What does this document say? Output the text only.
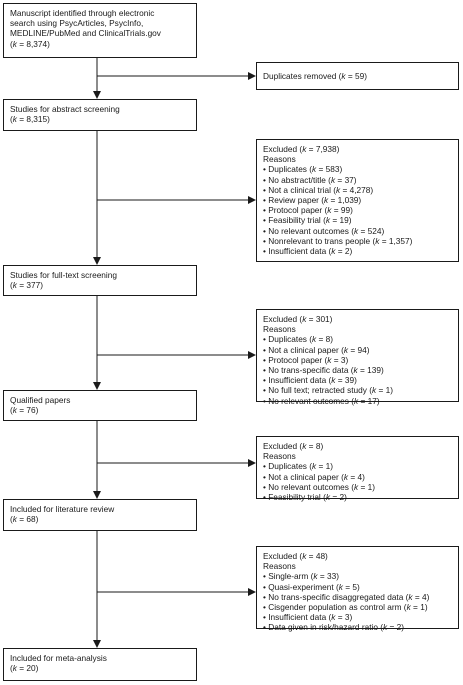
Manuscript identified through electronic
search using PsycArticles, PsycInfo,
MEDLINE/PubMed and ClinicalTrials.gov
(k = 8,374)
Studies for abstract screening
(k = 8,315)
Studies for full-text screening
(k = 377)
Qualified papers
(k = 76)
Included for literature review
(k = 68)
Included for meta-analysis
(k = 20)
Duplicates removed (k = 59)
Excluded (k = 7,938)
Reasons
• Duplicates (k = 583)
• No abstract/title (k = 37)
• Not a clinical trial (k = 4,278)
• Review paper (k = 1,039)
• Protocol paper (k = 99)
• Feasibility trial (k = 19)
• No relevant outcomes (k = 524)
• Nonrelevant to trans people (k = 1,357)
• Insufficient data (k = 2)
Excluded (k = 301)
Reasons
• Duplicates (k = 8)
• Not a clinical paper (k = 94)
• Protocol paper (k = 3)
• No trans-specific data (k = 139)
• Insufficient data (k = 39)
• No full text; retracted study (k = 1)
• No relevant outcomes (k = 17)
Excluded (k = 8)
Reasons
• Duplicates (k = 1)
• Not a clinical paper (k = 4)
• No relevant outcomes (k = 1)
• Feasibility trial (k = 2)
Excluded (k = 48)
Reasons
• Single-arm (k = 33)
• Quasi-experiment (k = 5)
• No trans-specific disaggregated data (k = 4)
• Cisgender population as control arm (k = 1)
• Insufficient data (k = 3)
• Data given in risk/hazard ratio (k = 2)
